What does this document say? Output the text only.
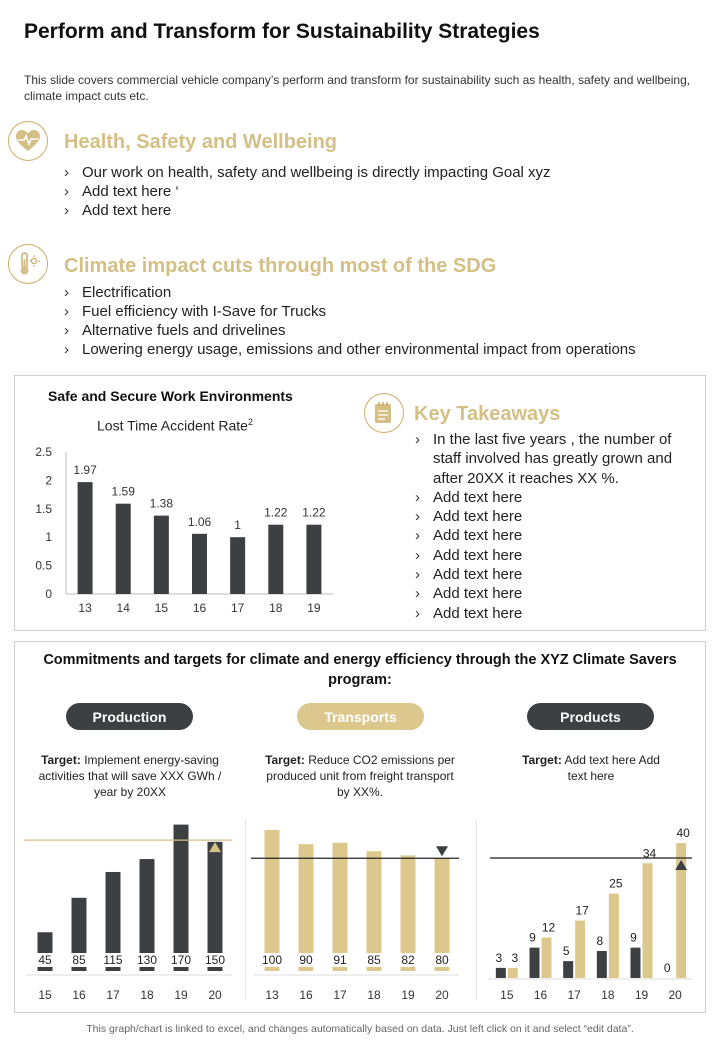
Perform and Transform for Sustainability Strategies
This slide covers commercial vehicle company’s perform and transform for sustainability such as health, safety and wellbeing, climate impact cuts etc.
Health, Safety and Wellbeing
› Our work on health, safety and wellbeing is directly impacting Goal xyz
› Add text here ‘
› Add text here
Climate impact cuts through most of the SDG
› Electrification
› Fuel efficiency with I-Save for Trucks
› Alternative fuels and drivelines
› Lowering energy usage, emissions and other environmental impact from operations
Safe and Secure Work Environments
Lost Time Accident Rate$^2$
0
0.5
1
1.5
2
2.5
1.97
13
1.59
14
1.38
15
1.06
16
1
17
1.22
18
1.22
19
Key Takeaways
› In the last five years , the number of staff involved has greatly grown and after 20XX it reaches XX %.
› Add text here
› Add text here
› Add text here
› Add text here
› Add text here
› Add text here
› Add text here
Commitments and targets for climate and energy efficiency through the XYZ Climate Savers program:
Production	Transports	Products
Target: Implement energy-saving activities that will save XXX GWh / year by 20XX
Target: Reduce CO2 emissions per produced unit from freight transport by XX%.
Target: Add text here Add text here
45
15
85
16
115
17
130
18
170
19
150
20
100
13
90
16
91
17
85
18
82
19
80
20
3 3
15
9
12
16
5
17
17
8
25
18
9
34
19
0
40
20
This graph/chart is linked to excel, and changes automatically based on data. Just left click on it and select “edit data”.
